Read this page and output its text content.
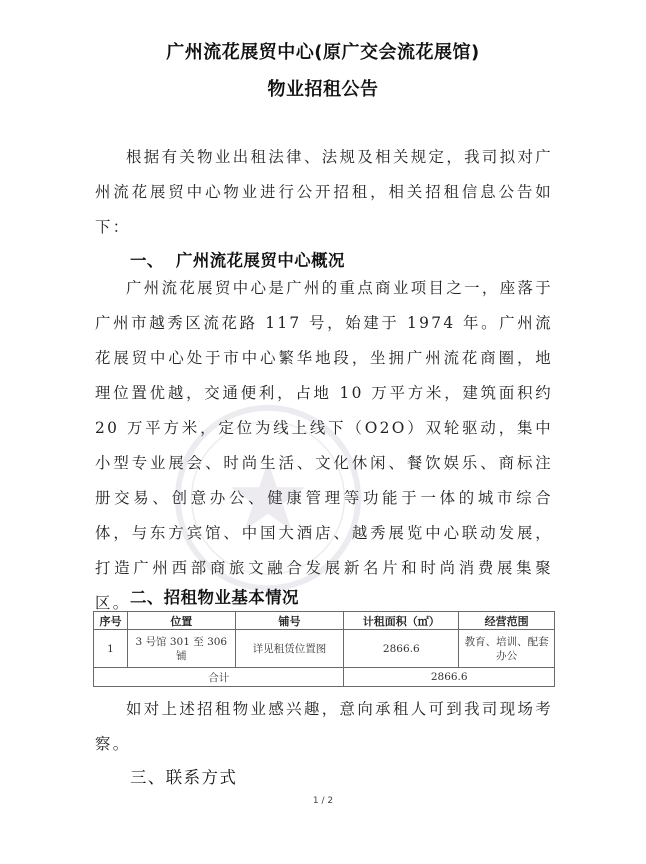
广州流花展贸中心(原广交会流花展馆)
物业招租公告
根据有关物业出租法律、法规及相关规定，我司拟对广州流花展贸中心物业进行公开招租，相关招租信息公告如下：
一、 广州流花展贸中心概况
广州流花展贸中心是广州的重点商业项目之一，座落于广州市越秀区流花路 117 号，始建于 1974 年。广州流花展贸中心处于市中心繁华地段，坐拥广州流花商圈，地理位置优越，交通便利，占地 10 万平方米，建筑面积约 20 万平方米，定位为线上线下（O2O）双轮驱动，集中小型专业展会、时尚生活、文化休闲、餐饮娱乐、商标注册交易、创意办公、健康管理等功能于一体的城市综合体，与东方宾馆、中国大酒店、越秀展览中心联动发展，打造广州西部商旅文融合发展新名片和时尚消费展集聚区。 二、招租物业基本情况
序号	位置	铺号	计租面积（㎡）	经营范围
1	3 号馆 301 至 306 铺	详见租赁位置图	2866.6	教育、培训、配套办公
合计			2866.6	
如对上述招租物业感兴趣，意向承租人可到我司现场考察。
三、联系方式
1 / 2
